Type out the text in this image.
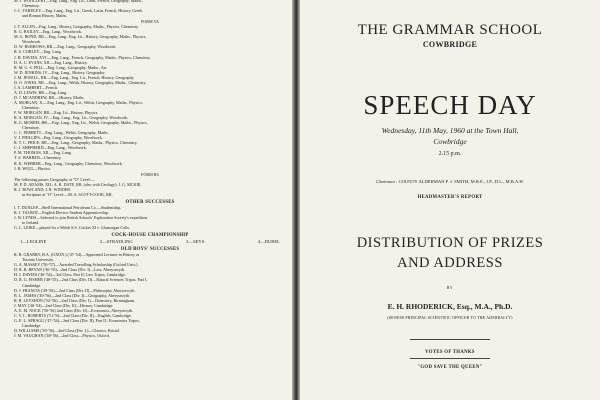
M. J. WOOLLERY—Eng. Lang., Eng. Lit., Latin, French, Geography, Maths.,
Chemistry.
J. C. YARDLEY—Eng. Lang., Eng. Lit., Greek, Latin, French, History, Greek
and Roman History, Maths.
FORM VA
J. T. ALLEN—Eng. Lang., History, Geography, Maths., Physics, Chemistry.
R. G. BAILEY—Eng. Lang., Woodwork.
M. G. BOND, RR.—Eng. Lang., Eng. Lit., History, Geography, Maths., Physics,
Woodwork.
D. W. BURROWS, RR.—Eng. Lang., Geography, Woodwork.
R. S. CORLEY—Eng. Lang.
J. H. DAVIES, XVI.—Eng. Lang., French, Geography, Maths., Physics, Chemistry.
D. A. C. EVANS, XII.—Eng. Lang., History.
R. M. G. S. FELL—Eng. Lang., Geography, Maths., Art.
W. D. JENKINS, IV.—Eng. Lang., History, Geography.
J. M. JEWELL, RR.—Eng. Lang., Eng. Lit., French, History, Geography.
D. O. JONES, RR.—Eng. Lang., Welsh, History, Geography, Maths., Chemistry.
J. A. LAMBERT—French.
A. D. LEWIS, RR.—Eng. Lang.
D. J. MCANDREW, RR.—History, Maths.
A. MORGAN, X.—Eng. Lang., Eng. Lit., Welsh, Geography, Maths., Physics,
Chemistry.
F. W. MORGAN, RR.—Eng. Lit., History, Physics.
R. A. MORGAN, IV.—Eng. Lang., Eng. Lit., Geography, Woodwork.
R. G. MORRIS, RR.—Eng. Lang., Eng. Lit., Welsh, Geography, Maths., Physics,
Chemistry.
C. C. PERRETT—Eng. Lang., Welsh, Geography, Maths.
V. J. PHILLIPS—Eng. Lang., Geography, Woodwork.
R. T. C. PRICE, RR.—Eng. Lang., Geography, Maths., Physics, Chemistry.
C. J. SHEPHERD—Eng. Lang., Woodwork.
P. M. THOMAS, XII.—Eng. Lang.
T. S. WARREN—Chemistry.
R. K. WEBBER—Eng. Lang., Geography, Chemistry, Woodwork.
J. R. WIGG—Physics.
FORM RS
The following passes Geography at "O" Level:—
M. P. D. ADAMS, XII.; A. R. DATE, RR. (also with Geology); J. G. MCKIE,
R. J. ROWLAND; I. R. WINDER.
in Scripture at "O" Level:—M. A. SCOTT-COOK, RR.
OTHER SUCCESSES
I. T. DUNLEP—Shell International Petroleum Co.—Studentship.
R. J. TALBOT—English Electric Student Apprenticeship.
J. W. LYNDS—Selected to join British Schools' Exploration Society's expedition
to Iceland.
G. L. LEIKE—played for a Welsh S.S. Cricket XI v. Glamorgan Colts.
COCK-HOUSE CHAMPIONSHIP
1—LEOLINE	2—STRADLING	3—SEYS	4—DUREL
OLD BOYS' SUCCESSES
R. B. GRABBY, B.A. (OXON.) ('47-'54)—Appointed Lecturer in History at
Toronto University.
G. A. MASSEY ('50-'57)—Awarded Travelling Scholarship (Oxford Univ.).
D. R. B. BEVAN ('46-'55)—2nd Class (Div. I)—Law, Aberystwyth.
H. J. DAVIES ('46-'54)—3rd Class, Part II, Law Tripos, Cambridge.
D. R. G. FISHER ('48-'55)—2nd Class (Div. II)—Natural Sciences Tripos, Part I,
Cambridge.
D. J. FRANCIS ('49-'56)—2nd Class (Div. II)—Philosophy, Aberystwyth.
B. L. JAMES ('49-'56)—2nd Class (Div. I)—Geography, Aberystwyth.
R. R. LEYSHON ('52-'56)—2nd Class (Div. I)—Chemistry, Birmingham.
J. MAY ('46-'54)—2nd Class (Div. II)—History, Cambridge.
A. E. M. NOCK ('50-'56) 2nd Class (Div. II)—Economics, Aberystwyth.
C. V. L. ROBERTS ('51-'54—2nd Class (Div. II)—English, Cambridge.
G. E. L. SPRAGG ('47-'54)—2nd Class (Div. II), Part II., Economics Tripos,
Cambridge.
D. WILLIAMS ('49-'56)—2nd Class (Div. I.)—Classics, Bristol.
J. M. VAUGHAN ('48-'56)—2nd Class—Physics, Oxford.
THE GRAMMAR SCHOOL
COWBRIDGE
SPEECH DAY
Wednesday, 11th May, 1960 at the Town Hall,
Cowbridge
2.15 p.m.
Chairman : COUNTY ALDERMAN P. J. SMITH, M.B.E., J.P., D.L., M.B.A.H.
HEADMASTER'S REPORT
DISTRIBUTION OF PRIZES
AND ADDRESS
BY
E. H. RHODERICK, Esq., M.A., Ph.D.
(SENIOR PRINCIPAL SCIENTIFIC OFFICER TO THE ADMIRALTY)
VOTES OF THANKS
"GOD SAVE THE QUEEN"
